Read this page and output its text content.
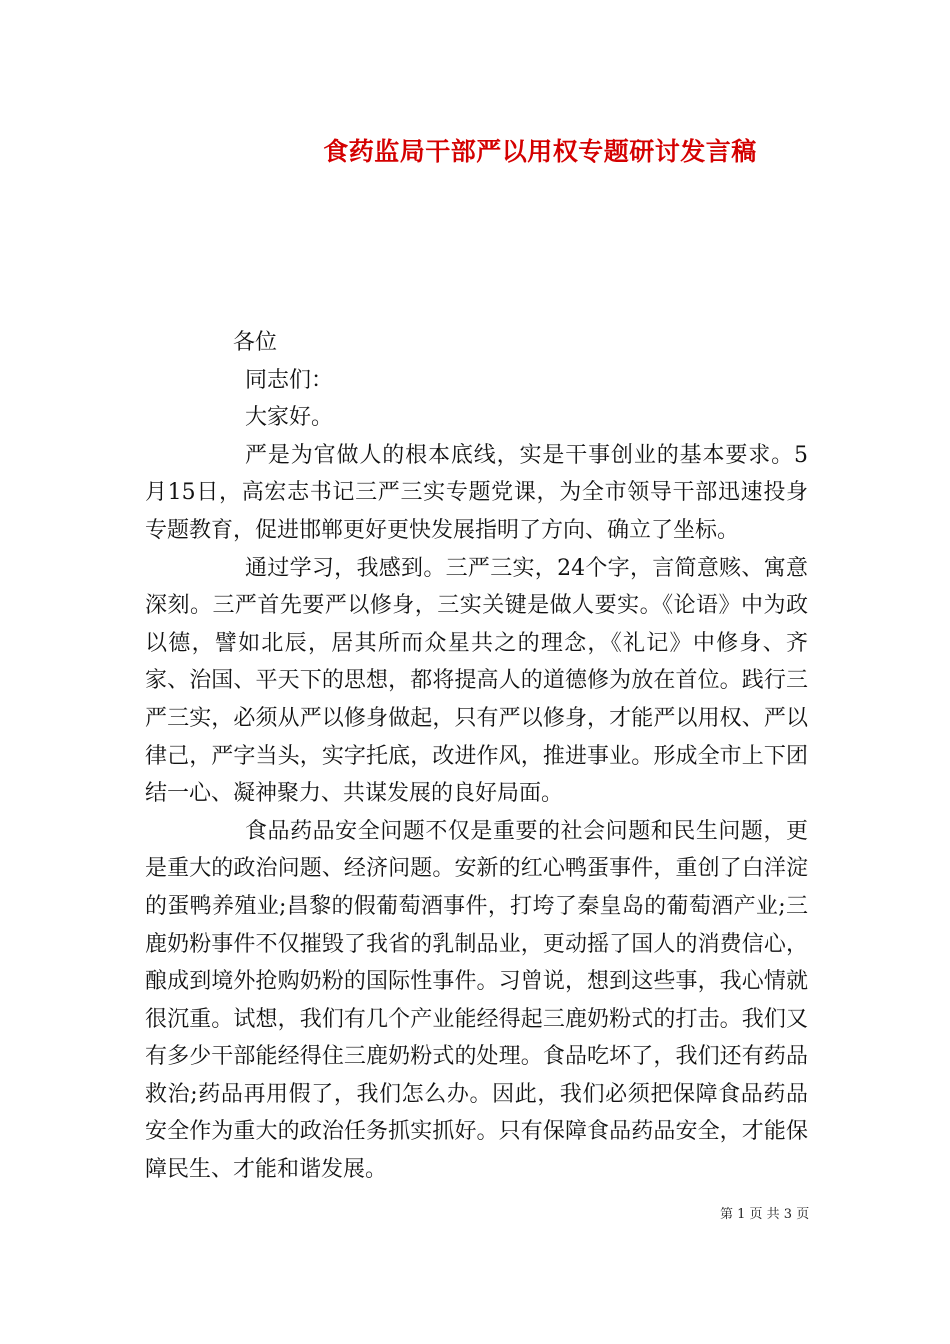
食药监局干部严以用权专题研讨发言稿

各位

同志们：

大家好。

严是为官做人的根本底线，实是干事创业的基本要求。5月15日，高宏志书记三严三实专题党课，为全市领导干部迅速投身专题教育，促进邯郸更好更快发展指明了方向、确立了坐标。

通过学习，我感到。三严三实，24个字，言简意赅、寓意深刻。三严首先要严以修身，三实关键是做人要实。《论语》中为政以德，譬如北辰，居其所而众星共之的理念，《礼记》中修身、齐家、治国、平天下的思想，都将提高人的道德修为放在首位。践行三严三实，必须从严以修身做起，只有严以修身，才能严以用权、严以律己，严字当头，实字托底，改进作风，推进事业。形成全市上下团结一心、凝神聚力、共谋发展的良好局面。

食品药品安全问题不仅是重要的社会问题和民生问题，更是重大的政治问题、经济问题。安新的红心鸭蛋事件，重创了白洋淀的蛋鸭养殖业;昌黎的假葡萄酒事件，打垮了秦皇岛的葡萄酒产业;三鹿奶粉事件不仅摧毁了我省的乳制品业，更动摇了国人的消费信心，酿成到境外抢购奶粉的国际性事件。习曾说，想到这些事，我心情就很沉重。试想，我们有几个产业能经得起三鹿奶粉式的打击。我们又有多少干部能经得住三鹿奶粉式的处理。食品吃坏了，我们还有药品救治;药品再用假了，我们怎么办。因此，我们必须把保障食品药品安全作为重大的政治任务抓实抓好。只有保障食品药品安全，才能保障民生、才能和谐发展。

第 1 页 共 3 页
